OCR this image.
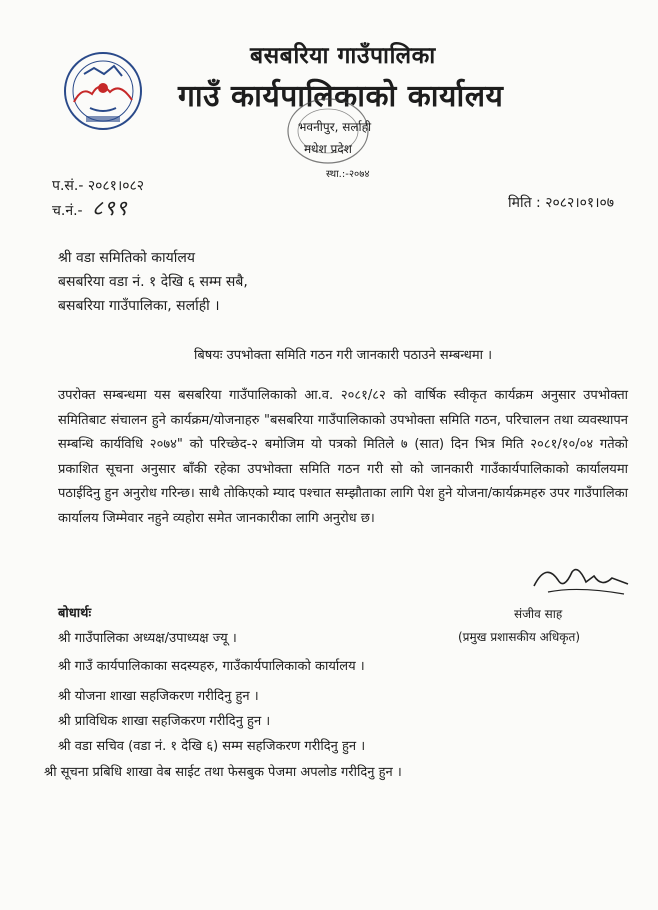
बसबरिया गाउँपालिका
गाउँ कार्यपालिकाको कार्यालय
भवनीपुर, सर्लाही
मधेश प्रदेश
स्था.:-२०७४
प.सं.- २०८१।०८२
च.नं.- ८९९	मिति : २०८२।०१।०७
श्री वडा समितिको कार्यालय
बसबरिया वडा नं. १ देखि ६ सम्म सबै,
बसबरिया गाउँपालिका, सर्लाही ।
बिषयः उपभोक्ता समिति गठन गरी जानकारी पठाउने सम्बन्धमा ।
उपरोक्त सम्बन्धमा यस बसबरिया गाउँपालिकाको आ.व. २०८१/८२ को वार्षिक स्वीकृत कार्यक्रम अनुसार उपभोक्ता समितिबाट संचालन हुने कार्यक्रम/योजनाहरु "बसबरिया गाउँपालिकाको उपभोक्ता समिति गठन, परिचालन तथा व्यवस्थापन सम्बन्धि कार्यविधि २०७४" को परिच्छेद-२ बमोजिम यो पत्रको मितिले ७ (सात) दिन भित्र मिति २०८१/१०/०४ गतेको प्रकाशित सूचना अनुसार बाँकी रहेका उपभोक्ता समिति गठन गरी सो को जानकारी गाउँकार्यपालिकाको कार्यालयमा पठाईदिनु हुन अनुरोध गरिन्छ। साथै तोकिएको म्याद पश्चात सम्झौताका लागि पेश हुने योजना/कार्यक्रमहरु उपर गाउँपालिका कार्यालय जिम्मेवार नहुने व्यहोरा समेत जानकारीका लागि अनुरोध छ।
संजीव साह
(प्रमुख प्रशासकीय अधिकृत)
बोधार्थः
श्री गाउँपालिका अध्यक्ष/उपाध्यक्ष ज्यू ।
श्री गाउँ कार्यपालिकाका सदस्यहरु, गाउँकार्यपालिकाको कार्यालय ।
श्री योजना शाखा सहजिकरण गरीदिनु हुन ।
श्री प्राविधिक शाखा सहजिकरण गरीदिनु हुन ।
श्री वडा सचिव (वडा नं. १ देखि ६) सम्म सहजिकरण गरीदिनु हुन ।
श्री सूचना प्रबिधि शाखा वेब साईट तथा फेसबुक पेजमा अपलोड गरीदिनु हुन ।
